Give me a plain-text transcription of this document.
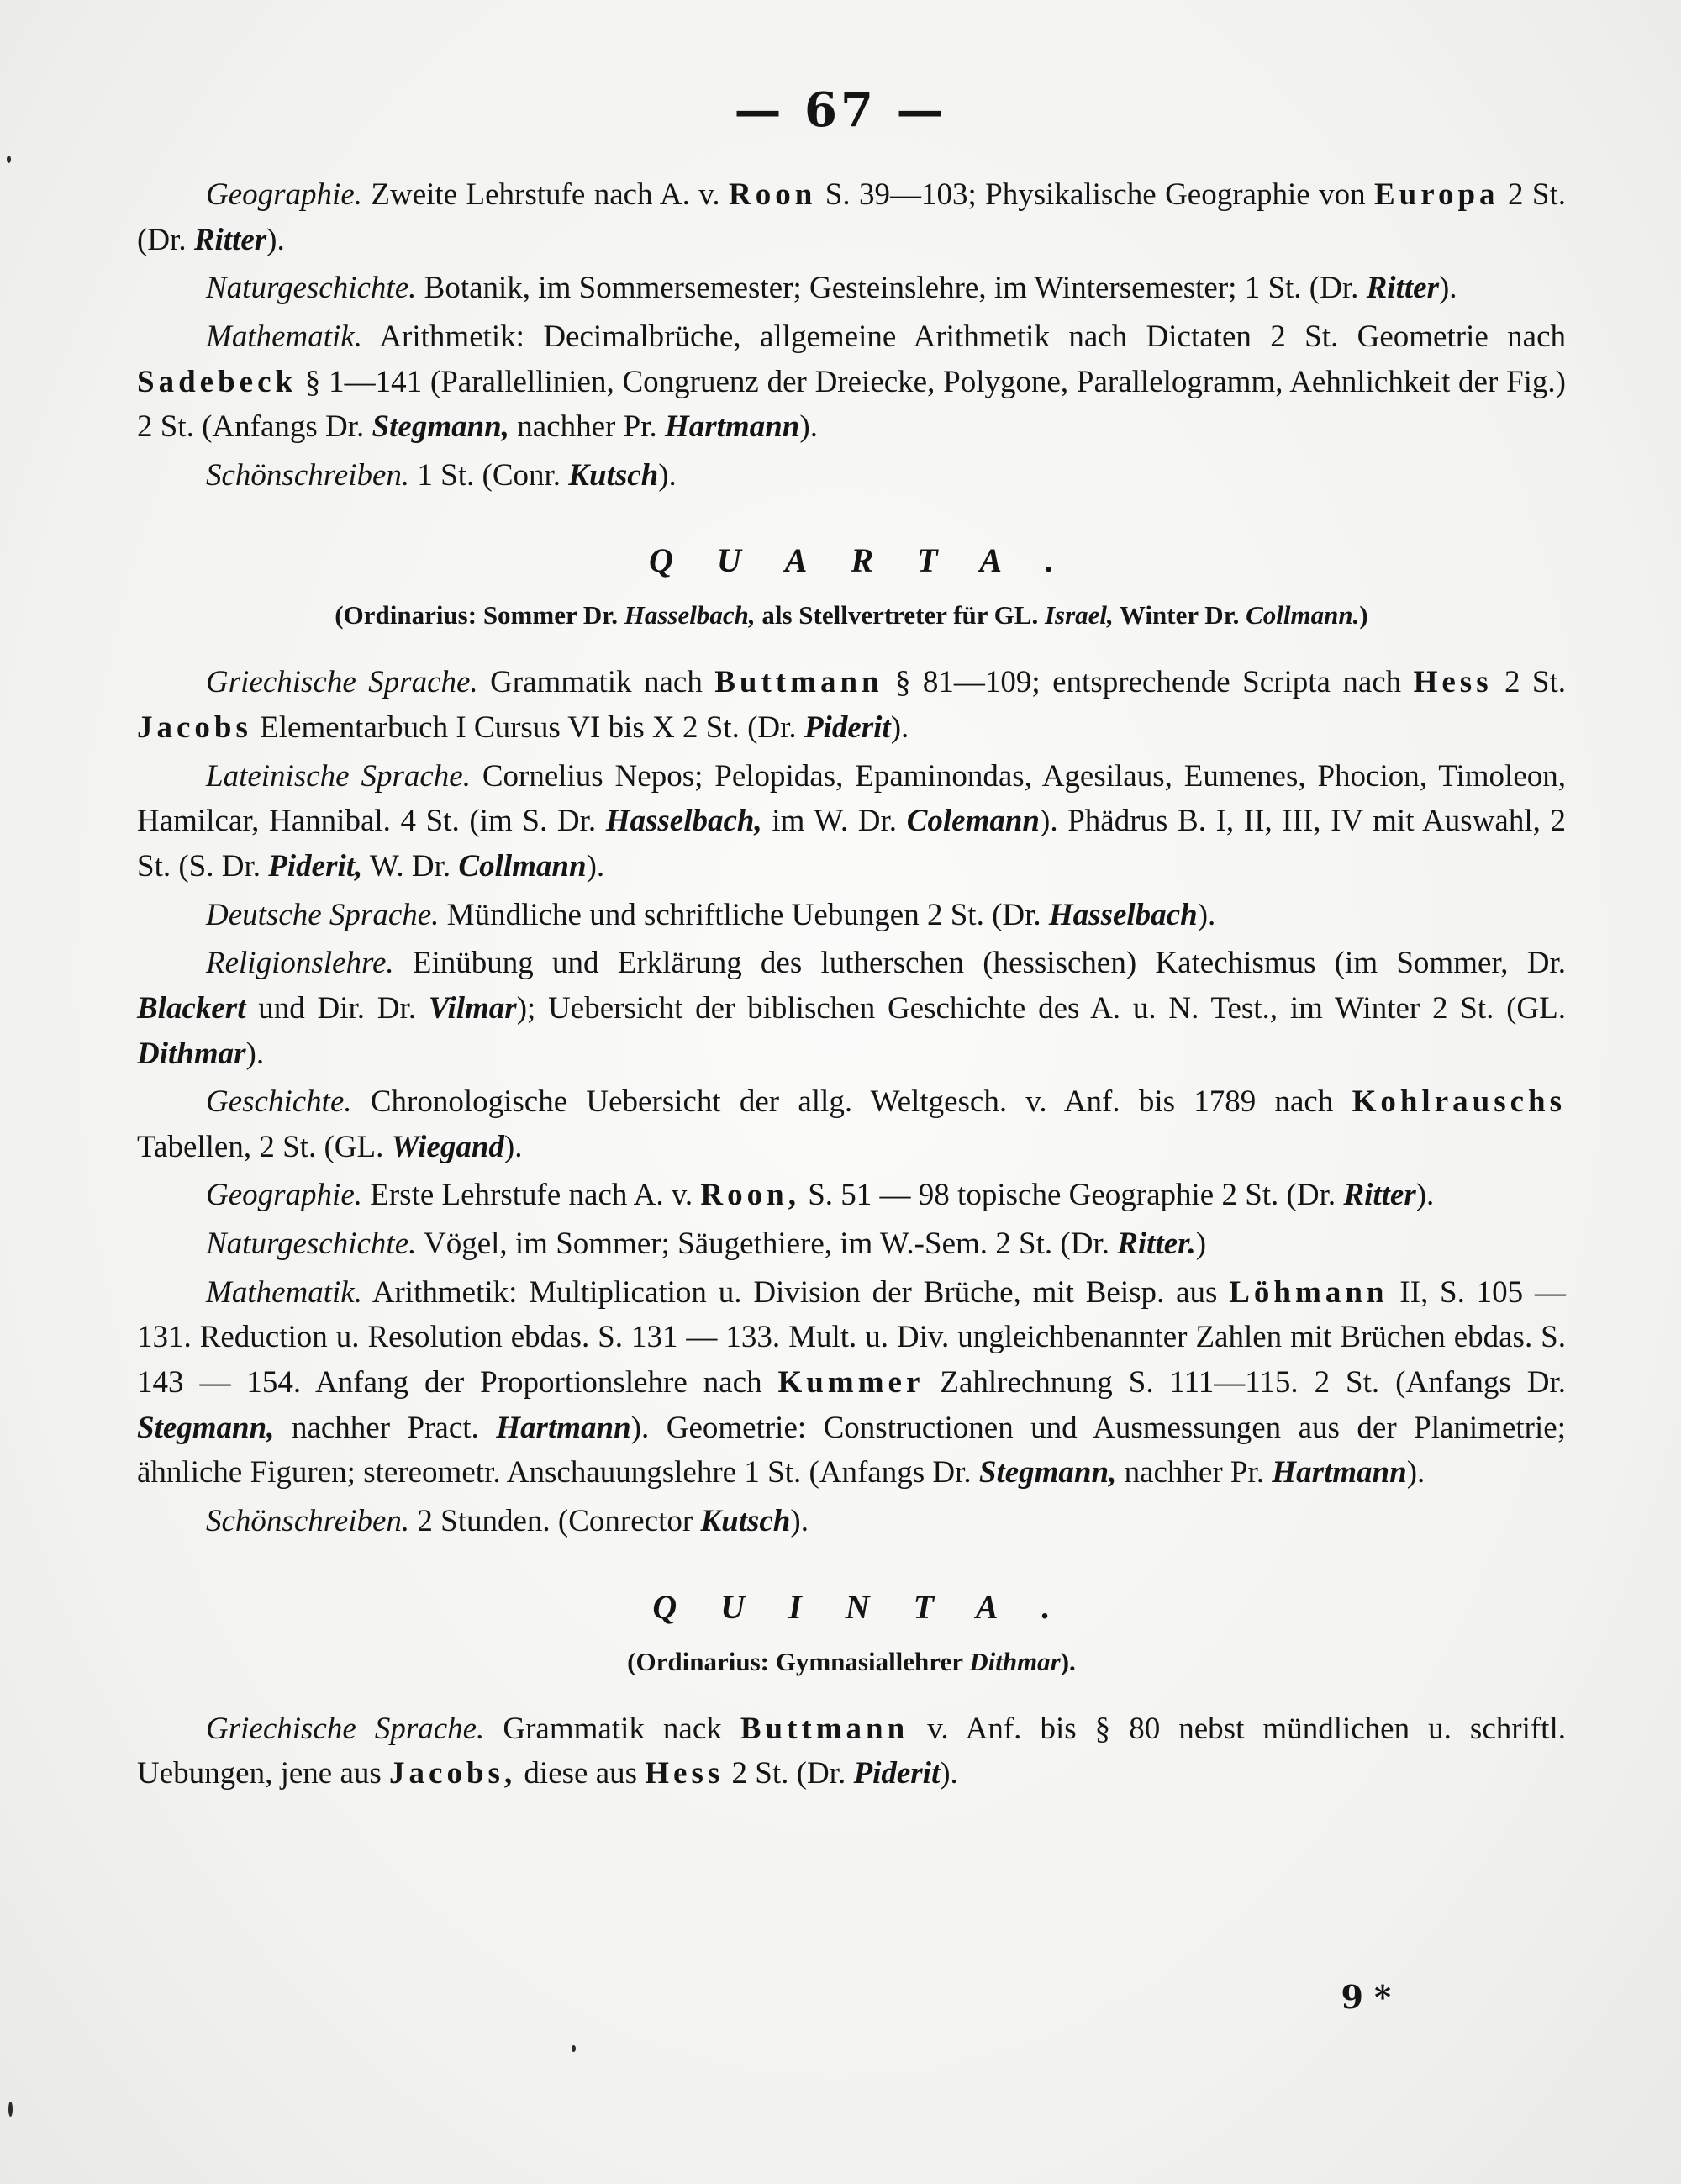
— 67 —

Geographie. Zweite Lehrstufe nach A. v. Roon S. 39—103; Physikalische Geographie von Europa 2 St. (Dr. Ritter).

Naturgeschichte. Botanik, im Sommersemester; Gesteinslehre, im Wintersemester; 1 St. (Dr. Ritter).

Mathematik. Arithmetik: Decimalbrüche, allgemeine Arithmetik nach Dictaten 2 St. Geometrie nach Sadebeck § 1—141 (Parallellinien, Congruenz der Dreiecke, Polygone, Parallelogramm, Aehnlichkeit der Fig.) 2 St. (Anfangs Dr. Stegmann, nachher Pr. Hartmann).

Schönschreiben. 1 St. (Conr. Kutsch).

QUARTA.
(Ordinarius: Sommer Dr. Hasselbach, als Stellvertreter für GL. Israel, Winter Dr. Collmann.)

Griechische Sprache. Grammatik nach Buttmann § 81—109; entsprechende Scripta nach Hess 2 St. Jacobs Elementarbuch I Cursus VI bis X 2 St. (Dr. Piderit).

Lateinische Sprache. Cornelius Nepos; Pelopidas, Epaminondas, Agesilaus, Eumenes, Phocion, Timoleon, Hamilcar, Hannibal. 4 St. (im S. Dr. Hasselbach, im W. Dr. Colemann). Phädrus B. I, II, III, IV mit Auswahl, 2 St. (S. Dr. Piderit, W. Dr. Collmann).

Deutsche Sprache. Mündliche und schriftliche Uebungen 2 St. (Dr. Hasselbach).

Religionslehre. Einübung und Erklärung des lutherschen (hessischen) Katechismus (im Sommer, Dr. Blackert und Dir. Dr. Vilmar); Uebersicht der biblischen Geschichte des A. u. N. Test., im Winter 2 St. (GL. Dithmar).

Geschichte. Chronologische Uebersicht der allg. Weltgesch. v. Anf. bis 1789 nach Kohlrauschs Tabellen, 2 St. (GL. Wiegand).

Geographie. Erste Lehrstufe nach A. v. Roon, S. 51 — 98 topische Geographie 2 St. (Dr. Ritter).

Naturgeschichte. Vögel, im Sommer; Säugethiere, im W.-Sem. 2 St. (Dr. Ritter.)

Mathematik. Arithmetik: Multiplication u. Division der Brüche, mit Beisp. aus Löhmann II, S. 105 — 131. Reduction u. Resolution ebdas. S. 131 — 133. Mult. u. Div. ungleichbenannter Zahlen mit Brüchen ebdas. S. 143 — 154. Anfang der Proportionslehre nach Kummer Zahlrechnung S. 111—115. 2 St. (Anfangs Dr. Stegmann, nachher Pract. Hartmann). Geometrie: Constructionen und Ausmessungen aus der Planimetrie; ähnliche Figuren; stereometr. Anschauungslehre 1 St. (Anfangs Dr. Stegmann, nachher Pr. Hartmann).

Schönschreiben. 2 Stunden. (Conrector Kutsch).

QUINTA.
(Ordinarius: Gymnasiallehrer Dithmar).

Griechische Sprache. Grammatik nack Buttmann v. Anf. bis § 80 nebst mündlichen u. schriftl. Uebungen, jene aus Jacobs, diese aus Hess 2 St. (Dr. Piderit).

9 *
